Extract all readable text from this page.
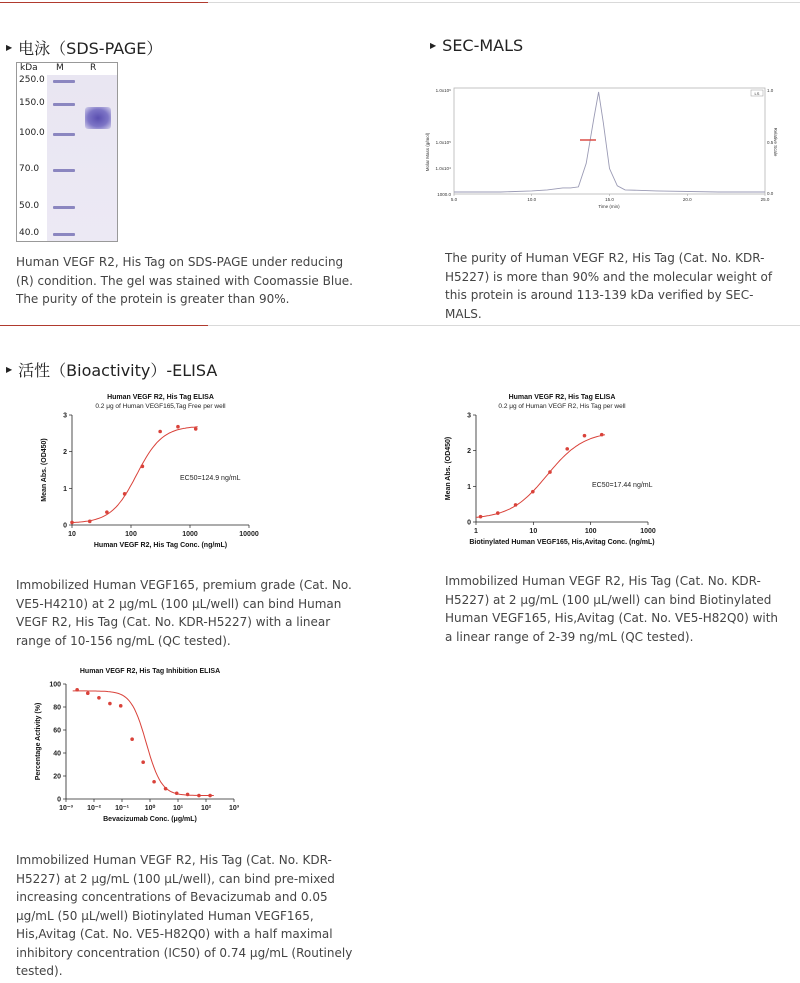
▶ 电泳（SDS-PAGE）
kDa M	R
250.0
150.0
100.0
70.0
50.0
40.0
Human VEGF R2, His Tag on SDS-PAGE under reducing (R) condition. The gel was stained with Coomassie Blue. The purity of the protein is greater than 90%.
▶ SEC-MALS
Molar Mass (g/mol)	Relative Scale
Time (min)
1000.0
1.0x10⁴
1.0x10⁵
1.0x10⁶
0.0
0.5
1.0
5.0	10.0	15.0	20.0	25.0
LS
The purity of Human VEGF R2, His Tag (Cat. No. KDR-H5227) is more than 90% and the molecular weight of this protein is around 113-139 kDa verified by SEC-MALS.
▶ 活性（Bioactivity）-ELISA
Human VEGF R2, His Tag ELISA
0.2 μg of Human VEGF165,Tag Free per well
0
1
2
3
10	100	1000	10000
Human VEGF R2, His Tag Conc. (ng/mL)
Mean Abs. (OD450)	EC50=124.9 ng/mL
Immobilized Human VEGF165, premium grade (Cat. No. VE5-H4210) at 2 μg/mL (100 μL/well) can bind Human VEGF R2, His Tag (Cat. No. KDR-H5227) with a linear range of 10-156 ng/mL (QC tested).
Human VEGF R2, His Tag ELISA
0.2 μg of Human VEGF R2, His Tag per well
0
1
2
3
1	10	100	1000
Biotinylated Human VEGF165, His,Avitag Conc. (ng/mL)
Mean Abs. (OD450)	EC50=17.44 ng/mL
Immobilized Human VEGF R2, His Tag (Cat. No. KDR-H5227) at 2 μg/mL (100 μL/well) can bind Biotinylated Human VEGF165, His,Avitag (Cat. No. VE5-H82Q0) with a linear range of 2-39 ng/mL (QC tested).
Human VEGF R2, His Tag Inhibition ELISA
0
20
40
60
80
100
10⁻³ 10⁻² 10⁻¹ 10⁰	10¹	10²	10³
Bevacizumab Conc. (μg/mL)
Percentage Activity (%)
Immobilized Human VEGF R2, His Tag (Cat. No. KDR-H5227) at 2 μg/mL (100 μL/well), can bind pre-mixed increasing concentrations of Bevacizumab and 0.05 μg/mL (50 μL/well) Biotinylated Human VEGF165, His,Avitag (Cat. No. VE5-H82Q0) with a half maximal inhibitory concentration (IC50) of 0.74 μg/mL (Routinely tested).
